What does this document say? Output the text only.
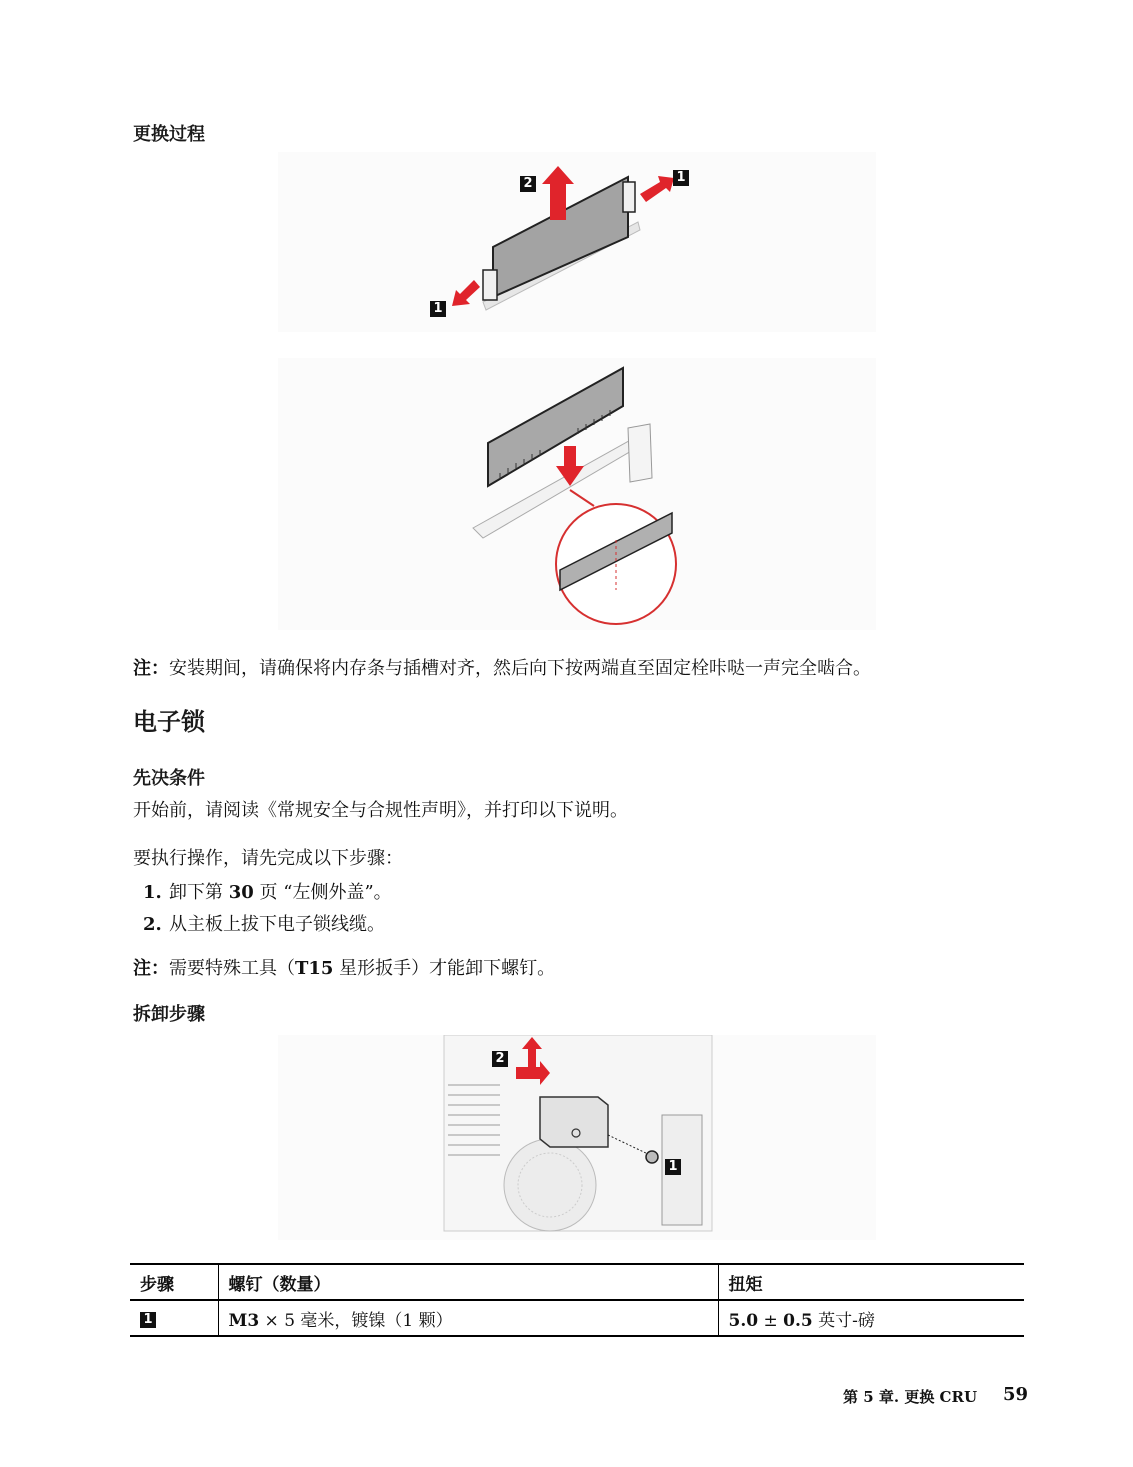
更换过程
2	1
1
注：安装期间，请确保将内存条与插槽对齐，然后向下按两端直至固定栓咔哒一声完全啮合。
电子锁
先决条件
开始前，请阅读《常规安全与合规性声明》，并打印以下说明。
要执行操作，请先完成以下步骤：
1. 卸下第 30 页 “左侧外盖”。
2. 从主板上拔下电子锁线缆。
注：需要特殊工具（T15 星形扳手）才能卸下螺钉。
拆卸步骤
2
1
步骤	螺钉（数量）	扭矩
1	M3 × 5 毫米，镀镍（1 颗）	5.0 ± 0.5 英寸-磅
第 5 章. 更换 CRU 59
